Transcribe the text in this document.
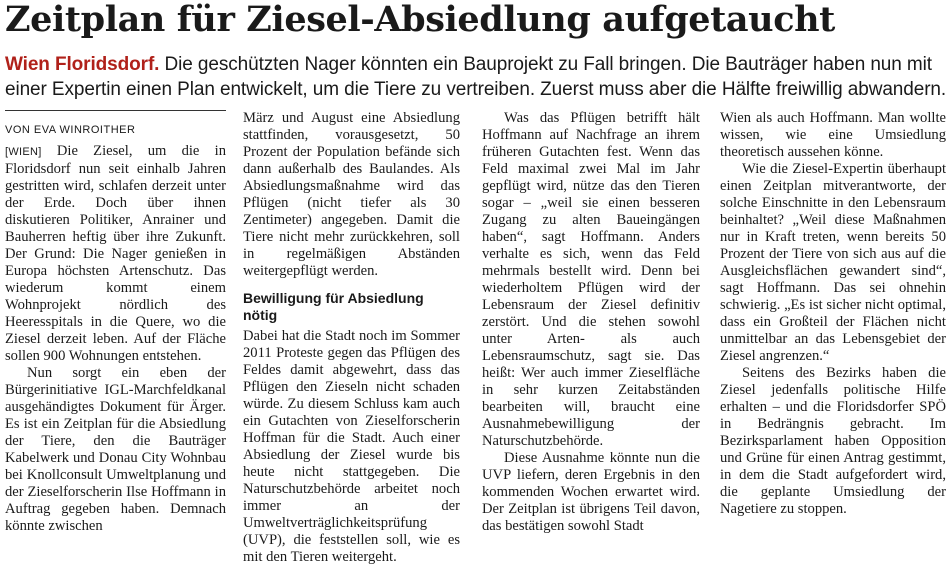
Zeitplan für Ziesel-Absiedlung aufgetaucht
Wien Floridsdorf. Die geschützten Nager könnten ein Bauprojekt zu Fall bringen. Die Bauträger haben nun mit einer Expertin einen Plan entwickelt, um die Tiere zu vertreiben. Zuerst muss aber die Hälfte freiwillig abwandern.
VON EVA WINROITHER

[WIEN] Die Ziesel, um die in Floridsdorf nun seit einhalb Jahren gestritten wird, schlafen derzeit unter der Erde. Doch über ihnen diskutieren Politiker, Anrainer und Bauherren heftig über ihre Zukunft. Der Grund: Die Nager genießen in Europa höchsten Artenschutz. Das wiederum kommt einem Wohnprojekt nördlich des Heeresspitals in die Quere, wo die Ziesel derzeit leben. Auf der Fläche sollen 900 Wohnungen entstehen.

Nun sorgt ein eben der Bürgerinitiative IGL-Marchfeldkanal ausgehändigtes Dokument für Ärger. Es ist ein Zeitplan für die Absiedlung der Tiere, den die Bauträger Kabelwerk und Donau City Wohnbau bei Knollconsult Umweltplanung und der Zieselforscherin Ilse Hoffmann in Auftrag gegeben haben. Demnach könnte zwischen

März und August eine Absiedlung stattfinden, vorausgesetzt, 50 Prozent der Population befände sich dann außerhalb des Baulandes. Als Absiedlungsmaßnahme wird das Pflügen (nicht tiefer als 30 Zentimeter) angegeben. Damit die Tiere nicht mehr zurückkehren, soll in regelmäßigen Abständen weitergepflügt werden.

Bewilligung für Absiedlung nötig

Dabei hat die Stadt noch im Sommer 2011 Proteste gegen das Pflügen des Feldes damit abgewehrt, dass das Pflügen den Zieseln nicht schaden würde. Zu diesem Schluss kam auch ein Gutachten von Zieselforscherin Hoffman für die Stadt. Auch einer Absiedlung der Ziesel wurde bis heute nicht stattgegeben. Die Naturschutzbehörde arbeitet noch immer an der Umweltverträglichkeitsprüfung (UVP), die feststellen soll, wie es mit den Tieren weitergeht.

Was das Pflügen betrifft hält Hoffmann auf Nachfrage an ihrem früheren Gutachten fest. Wenn das Feld maximal zwei Mal im Jahr gepflügt wird, nütze das den Tieren sogar – „weil sie einen besseren Zugang zu alten Baueingängen haben“, sagt Hoffmann. Anders verhalte es sich, wenn das Feld mehrmals bestellt wird. Denn bei wiederholtem Pflügen wird der Lebensraum der Ziesel definitiv zerstört. Und die stehen sowohl unter Arten- als auch Lebensraumschutz, sagt sie. Das heißt: Wer auch immer Zieselfläche in sehr kurzen Zeitabständen bearbeiten will, braucht eine Ausnahmebewilligung der Naturschutzbehörde.

Diese Ausnahme könnte nun die UVP liefern, deren Ergebnis in den kommenden Wochen erwartet wird. Der Zeitplan ist übrigens Teil davon, das bestätigen sowohl Stadt

Wien als auch Hoffmann. Man wollte wissen, wie eine Umsiedlung theoretisch aussehen könne.

Wie die Ziesel-Expertin überhaupt einen Zeitplan mitverantworte, der solche Einschnitte in den Lebensraum beinhaltet? „Weil diese Maßnahmen nur in Kraft treten, wenn bereits 50 Prozent der Tiere von sich aus auf die Ausgleichsflächen gewandert sind“, sagt Hoffmann. Das sei ohnehin schwierig. „Es ist sicher nicht optimal, dass ein Großteil der Flächen nicht unmittelbar an das Lebensgebiet der Ziesel angrenzen.“

Seitens des Bezirks haben die Ziesel jedenfalls politische Hilfe erhalten – und die Floridsdorfer SPÖ in Bedrängnis gebracht. Im Bezirksparlament haben Opposition und Grüne für einen Antrag gestimmt, in dem die Stadt aufgefordert wird, die geplante Umsiedlung der Nagetiere zu stoppen.
